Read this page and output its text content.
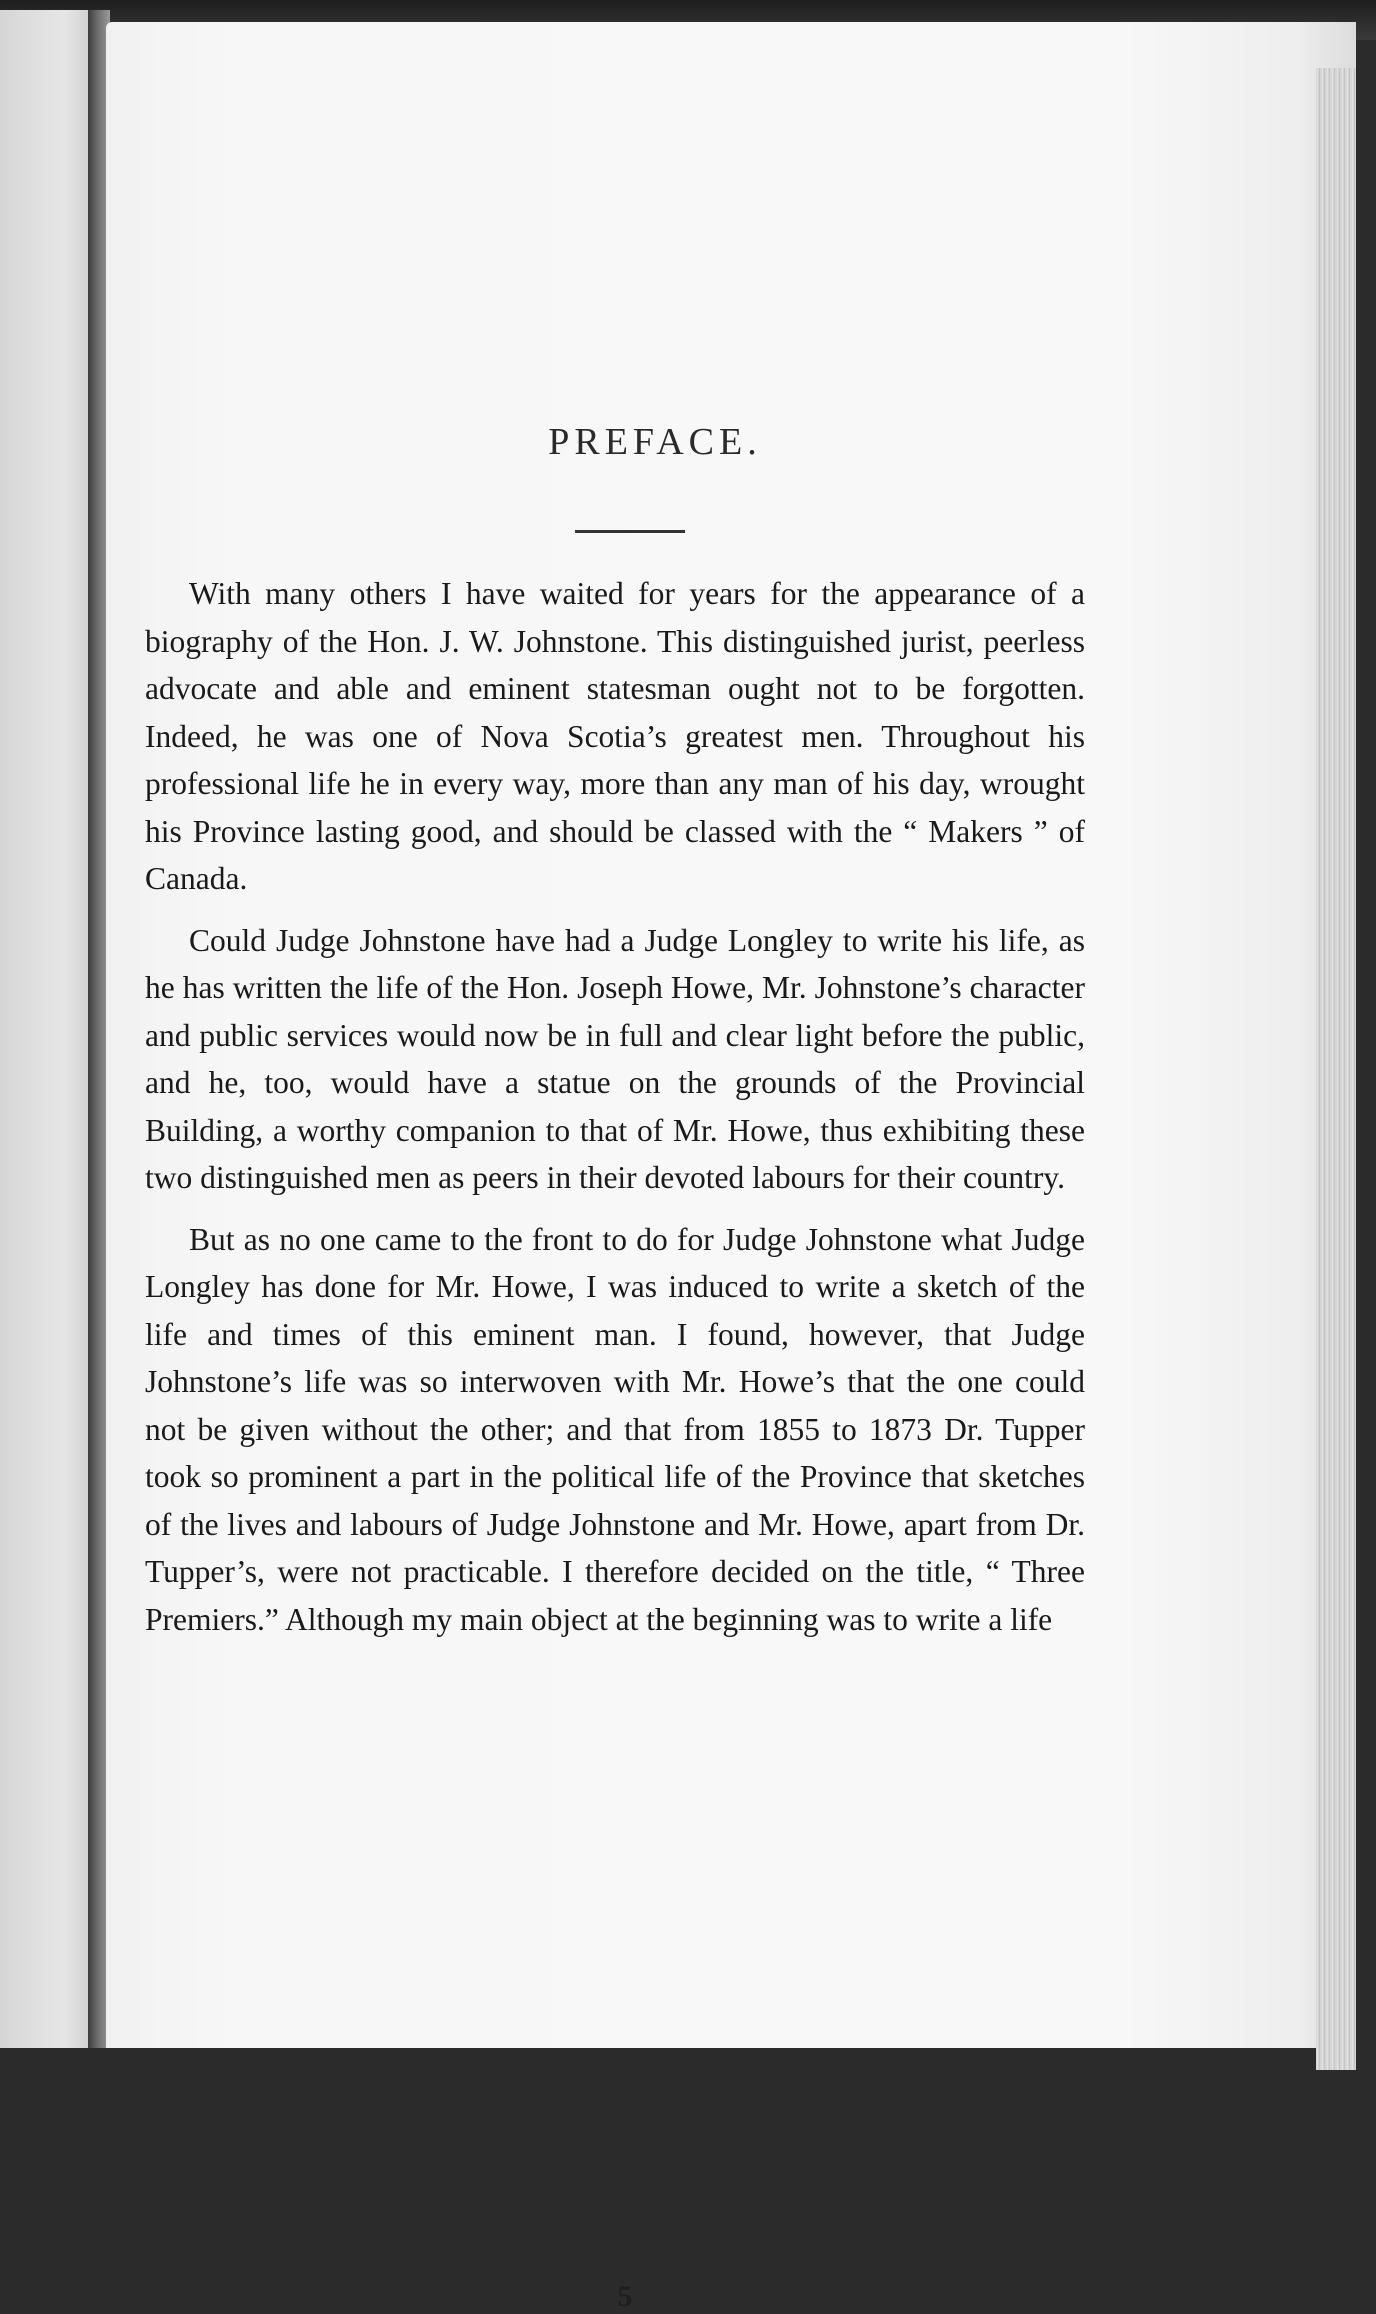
PREFACE.

With many others I have waited for years for the appearance of a biography of the Hon. J. W. Johnstone. This distinguished jurist, peerless advocate and able and eminent statesman ought not to be forgotten. Indeed, he was one of Nova Scotia’s greatest men. Throughout his professional life he in every way, more than any man of his day, wrought his Province lasting good, and should be classed with the “ Makers ” of Canada.

Could Judge Johnstone have had a Judge Longley to write his life, as he has written the life of the Hon. Joseph Howe, Mr. Johnstone’s character and public services would now be in full and clear light before the public, and he, too, would have a statue on the grounds of the Provincial Building, a worthy companion to that of Mr. Howe, thus exhibiting these two distinguished men as peers in their devoted labours for their country.

But as no one came to the front to do for Judge Johnstone what Judge Longley has done for Mr. Howe, I was induced to write a sketch of the life and times of this eminent man. I found, however, that Judge Johnstone’s life was so interwoven with Mr. Howe’s that the one could not be given without the other; and that from 1855 to 1873 Dr. Tupper took so prominent a part in the political life of the Province that sketches of the lives and labours of Judge Johnstone and Mr. Howe, apart from Dr. Tupper’s, were not practicable. I therefore decided on the title, “ Three Premiers.” Although my main object at the beginning was to write a life

5
